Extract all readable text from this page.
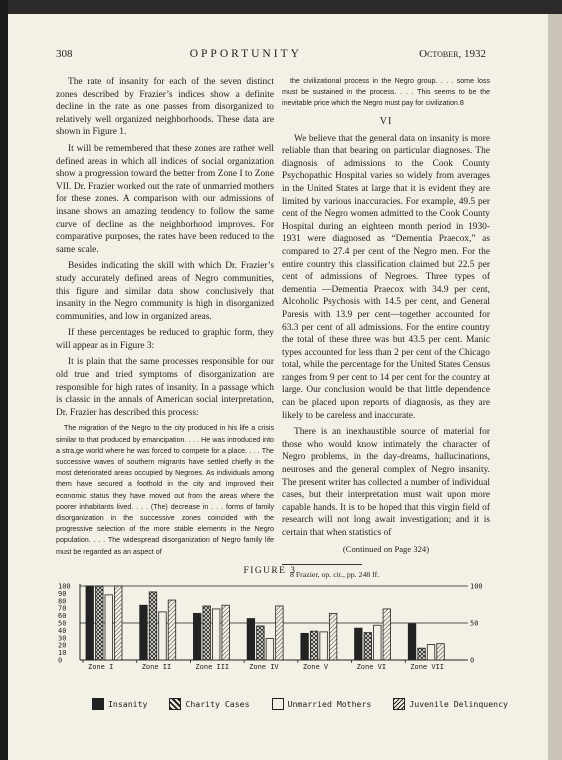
308	OPPORTUNITY	October, 1932

The rate of insanity for each of the seven distinct zones described by Frazier’s indices show a definite decline in the rate as one passes from disorganized to relatively well organized neighborhoods. These data are shown in Figure 1.

It will be remembered that these zones are rather well defined areas in which all indices of social organization show a progression toward the better from Zone I to Zone VII. Dr. Frazier worked out the rate of unmarried mothers for these zones. A comparison with our admissions of insane shows an amazing tendency to follow the same curve of decline as the neighborhood improves. For comparative purposes, the rates have been reduced to the same scale.

Besides indicating the skill with which Dr. Frazier’s study accurately defined areas of Negro communities, this figure and similar data show conclusively that insanity in the Negro community is high in disorganized communities, and low in organized areas.

If these percentages be reduced to graphic form, they will appear as in Figure 3:

It is plain that the same processes responsible for our old true and tried symptoms of disorganization are responsible for high rates of insanity. In a passage which is classic in the annals of American social interpretation, Dr. Frazier has described this process:

The migration of the Negro to the city produced in his life a crisis similar to that produced by emancipation. . . . He was introduced into a stra,ge world where he was forced to compete for a place. . . . The successive waves of southern migrants have settled chiefly in the most deteriorated areas occupied by Negroes. As individuals among them have secured a foothold in the city and improved their economic status they have moved out from the areas where the poorer inhabitants lived. . . . (The) decrease in . . . forms of family disorganization in the successive zones coincided with the progressive selection of the more stable elements in the Negro population. . . . The widespread disorganization of Negro family life must be regarded as an aspect of

the civilizational process in the Negro group. . . . some loss must be sustained in the process. . . . This seems to be the inevitable price which the Negro must pay for civilization.8

VI

We believe that the general data on insanity is more reliable than that bearing on particular diagnoses. The diagnosis of admissions to the Cook County Psychopathic Hospital varies so widely from averages in the United States at large that it is evident they are limited by various inaccuracies. For example, 49.5 per cent of the Negro women admitted to the Cook County Hospital during an eighteen month period in 1930-1931 were diagnosed as “Dementia Praecox,” as compared to 27.4 per cent of the Negro men. For the entire country this classification claimed but 22.5 per cent of admissions of Negroes. Three types of dementia —Dementia Praecox with 34.9 per cent, Alcoholic Psychosis with 14.5 per cent, and General Paresis with 13.9 per cent—together accounted for 63.3 per cent of all admissions. For the entire country the total of these three was but 43.5 per cent. Manic types accounted for less than 2 per cent of the Chicago total, while the percentage for the United States Census ranges from 9 per cent to 14 per cent for the country at large. Our conclusion would be that little dependence can be placed upon reports of diagnosis, as they are likely to be careless and inaccurate.

There is an inexhaustible source of material for those who would know intimately the character of Negro problems, in the day-dreams, hallucinations, neuroses and the general complex of Negro insanity. The present writer has collected a number of individual cases, but their interpretation must wait upon more capable hands. It is to be hoped that this virgin field of research will not long await investigation; and it is certain that when statistics of

(Continued on Page 324)

8 Frazier, op. cit., pp. 248 ff.

FIGURE 3
100
90
80
70
60
50
40
30
20
10
0
100
50
0
Zone I	Zone II	Zone III	Zone IV	Zone V	Zone VI	Zone VII
Insanity	Charity Cases	Unmarried Mothers	Juvenile Delinquency
